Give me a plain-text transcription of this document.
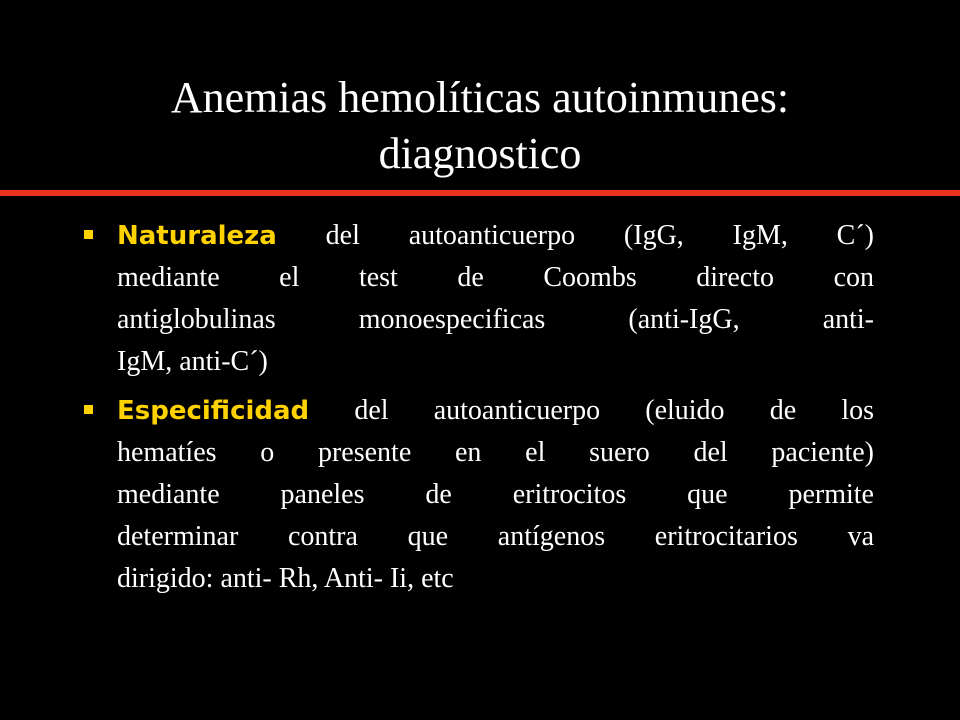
Anemias hemolíticas autoinmunes:
diagnostico
Naturaleza del autoanticuerpo (IgG, IgM, C´)
mediante el test de Coombs directo con
antiglobulinas monoespecificas (anti-IgG, anti-
IgM, anti-C´)
Especificidad del autoanticuerpo (eluido de los
hematíes o presente en el suero del paciente)
mediante paneles de eritrocitos que permite
determinar contra que antígenos eritrocitarios va
dirigido: anti- Rh, Anti- Ii, etc
